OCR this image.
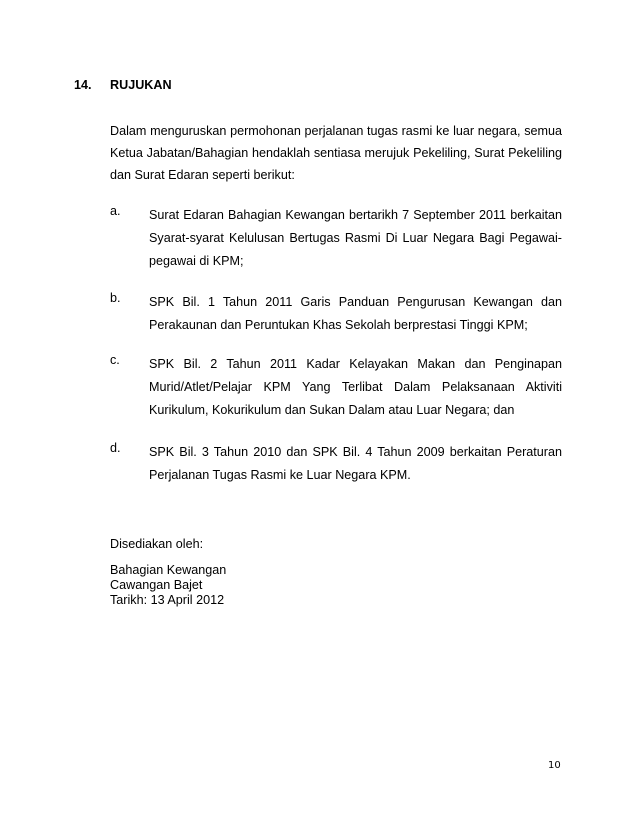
14. RUJUKAN

Dalam menguruskan permohonan perjalanan tugas rasmi ke luar negara, semua Ketua Jabatan/Bahagian hendaklah sentiasa merujuk Pekeliling, Surat Pekeliling dan Surat Edaran seperti berikut:

a. Surat Edaran Bahagian Kewangan bertarikh 7 September 2011 berkaitan Syarat-syarat Kelulusan Bertugas Rasmi Di Luar Negara Bagi Pegawai-pegawai di KPM;

b. SPK Bil. 1 Tahun 2011 Garis Panduan Pengurusan Kewangan dan Perakaunan dan Peruntukan Khas Sekolah berprestasi Tinggi KPM;

c. SPK Bil. 2 Tahun 2011 Kadar Kelayakan Makan dan Penginapan Murid/Atlet/Pelajar KPM Yang Terlibat Dalam Pelaksanaan Aktiviti Kurikulum, Kokurikulum dan Sukan Dalam atau Luar Negara; dan

d. SPK Bil. 3 Tahun 2010 dan SPK Bil. 4 Tahun 2009 berkaitan Peraturan Perjalanan Tugas Rasmi ke Luar Negara KPM.

Disediakan oleh:
Bahagian Kewangan
Cawangan Bajet
Tarikh: 13 April 2012
10
